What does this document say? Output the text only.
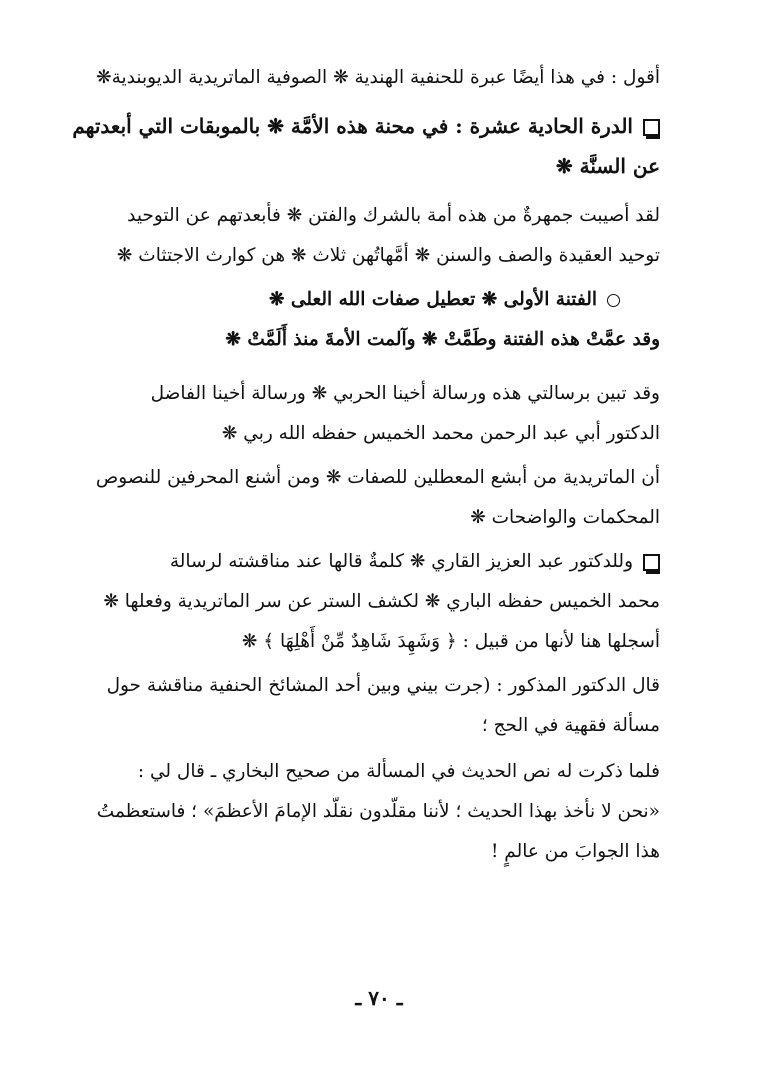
أقول : في هذا أيضًا عبرة للحنفية الهندية ❋ الصوفية الماتريدية الديوبندية❋
الدرة الحادية عشرة : في محنة هذه الأمَّة ❋ بالموبقات التي أبعدتهم
عن السنَّة ❋
لقد أصيبت جمهرةٌ من هذه أمة بالشرك والفتن ❋ فأبعدتهم عن التوحيد
توحيد العقيدة والصف والسنن ❋ أمَّهاتُهن ثلاث ❋ هن كوارث الاجتثاث ❋
الفتنة الأولى ❋ تعطيل صفات الله العلى ❋
وقد عمَّتْ هذه الفتنة وطَمَّتْ ❋ وآلمت الأمةَ منذ أَلَمَّتْ ❋
وقد تبين برسالتي هذه ورسالة أخينا الحربي ❋ ورسالة أخينا الفاضل
الدكتور أبي عبد الرحمن محمد الخميس حفظه الله ربي ❋
أن الماتريدية من أبشع المعطلين للصفات ❋ ومن أشنع المحرفين للنصوص
المحكمات والواضحات ❋
وللدكتور عبد العزيز القاري ❋ كلمةٌ قالها عند مناقشته لرسالة
محمد الخميس حفظه الباري ❋ لكشف الستر عن سر الماتريدية وفعلها ❋
أسجلها هنا لأنها من قبيل : ﴿ وَشَهِدَ شَاهِدٌ مِّنْ أَهْلِهَا ﴾ ❋
قال الدكتور المذكور : (جرت بيني وبين أحد المشائخ الحنفية مناقشة حول
مسألة فقهية في الحج ؛
فلما ذكرت له نص الحديث في المسألة من صحيح البخاري ـ قال لي :
«نحن لا نأخذ بهذا الحديث ؛ لأننا مقلّدون نقلّد الإمامَ الأعظمَ» ؛ فاستعظمتُ
هذا الجوابَ من عالمٍ !
ـ ٧٠ ـ
